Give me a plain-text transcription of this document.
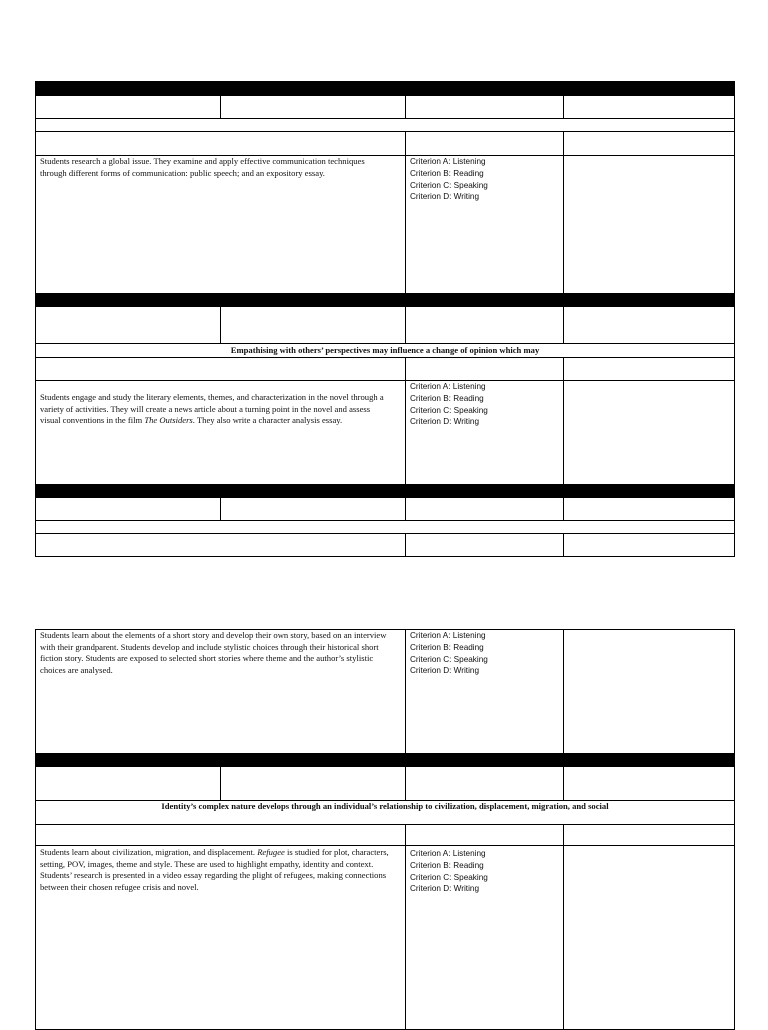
Students research a global issue. They examine and apply effective communication techniques through different forms of communication: public speech; and an expository essay.
Criterion A: Listening
Criterion B: Reading
Criterion C: Speaking
Criterion D: Writing
Empathising with others’ perspectives may influence a change of opinion which may
Students engage and study the literary elements, themes, and characterization in the novel through a variety of activities. They will create a news article about a turning point in the novel and assess visual conventions in the film The Outsiders. They also write a character analysis essay.
Criterion A: Listening
Criterion B: Reading
Criterion C: Speaking
Criterion D: Writing
Students learn about the elements of a short story and develop their own story, based on an interview with their grandparent. Students develop and include stylistic choices through their historical short fiction story. Students are exposed to selected short stories where theme and the author’s stylistic choices are analysed.
Criterion A: Listening
Criterion B: Reading
Criterion C: Speaking
Criterion D: Writing
Identity’s complex nature develops through an individual’s relationship to civilization, displacement, migration, and social
Students learn about civilization, migration, and displacement. Refugee is studied for plot, characters, setting, POV, images, theme and style. These are used to highlight empathy, identity and context. Students’ research is presented in a video essay regarding the plight of refugees, making connections between their chosen refugee crisis and novel.
Criterion A: Listening
Criterion B: Reading
Criterion C: Speaking
Criterion D: Writing
